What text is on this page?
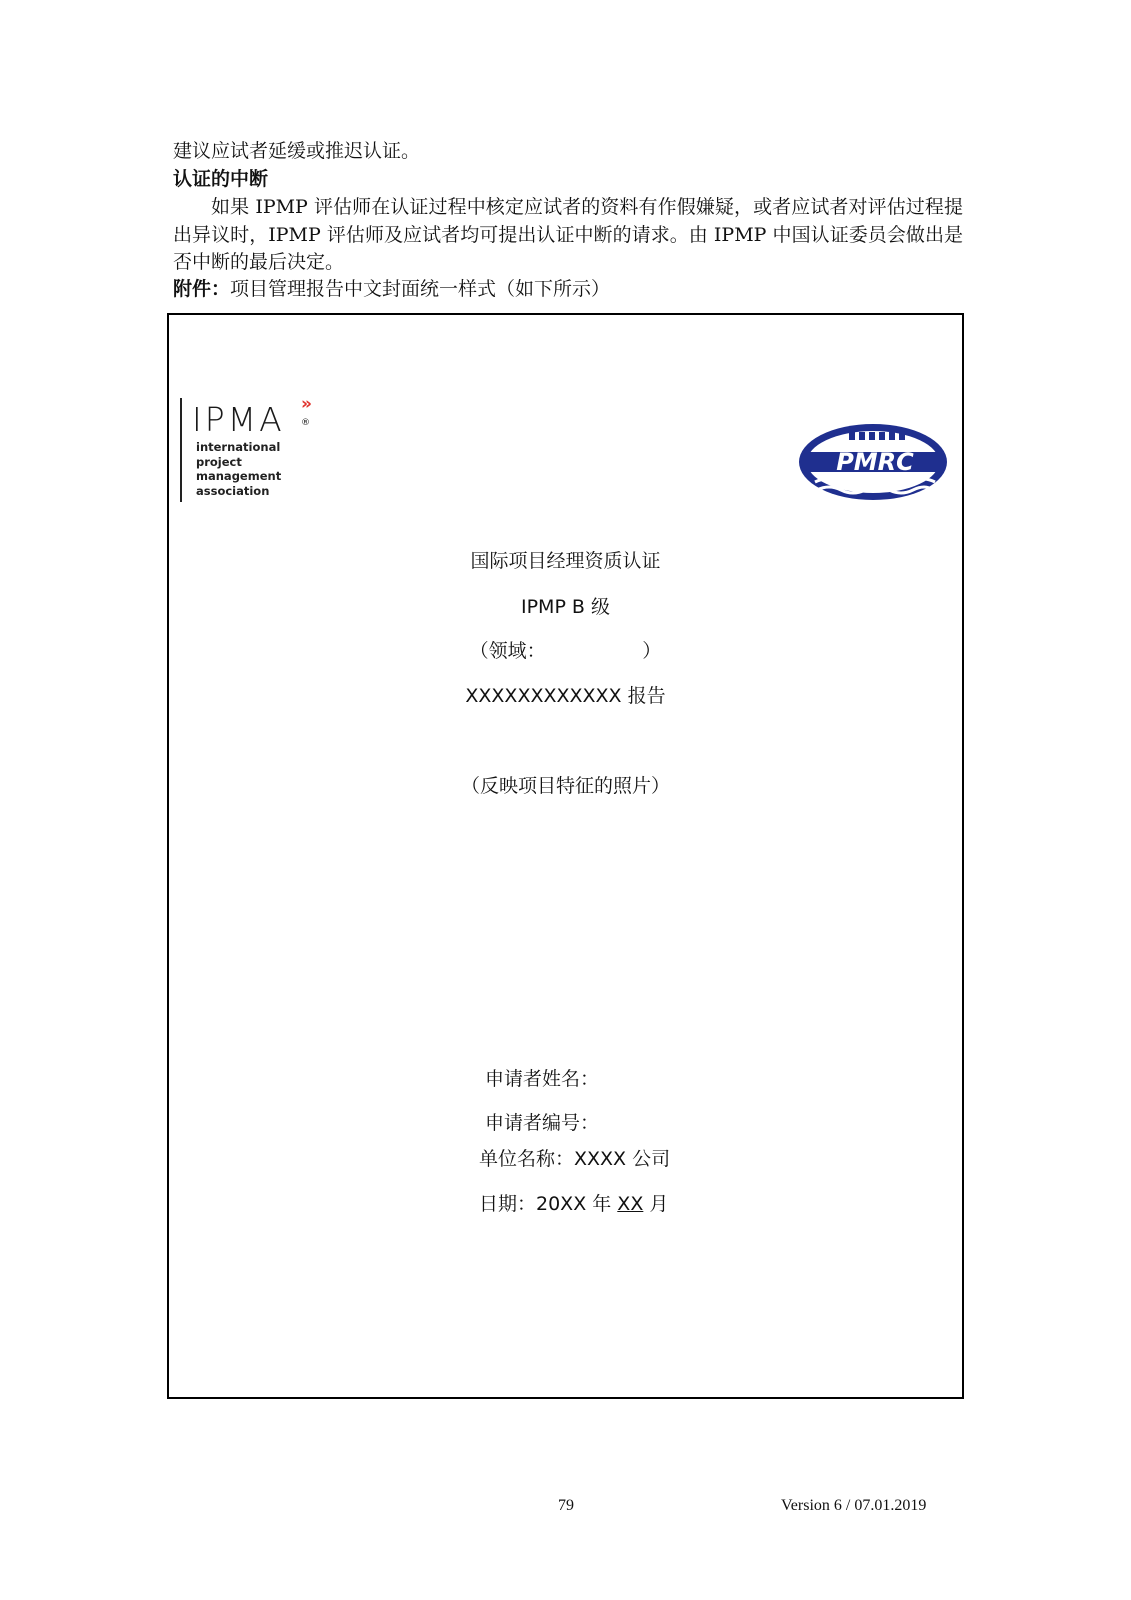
建议应试者延缓或推迟认证。
认证的中断
如果 IPMP 评估师在认证过程中核定应试者的资料有作假嫌疑，或者应试者对评估过程提出异议时，IPMP 评估师及应试者均可提出认证中断的请求。由 IPMP 中国认证委员会做出是否中断的最后决定。
附件：项目管理报告中文封面统一样式（如下所示）
IPMA »
®
international
project
management
association
PMRC
国际项目经理资质认证
IPMP B 级
（领域：                ）
XXXXXXXXXXXX 报告
（反映项目特征的照片）
申请者姓名：
申请者编号：
单位名称：XXXX 公司
日期：20XX 年 XX 月
79	Version 6 / 07.01.2019
